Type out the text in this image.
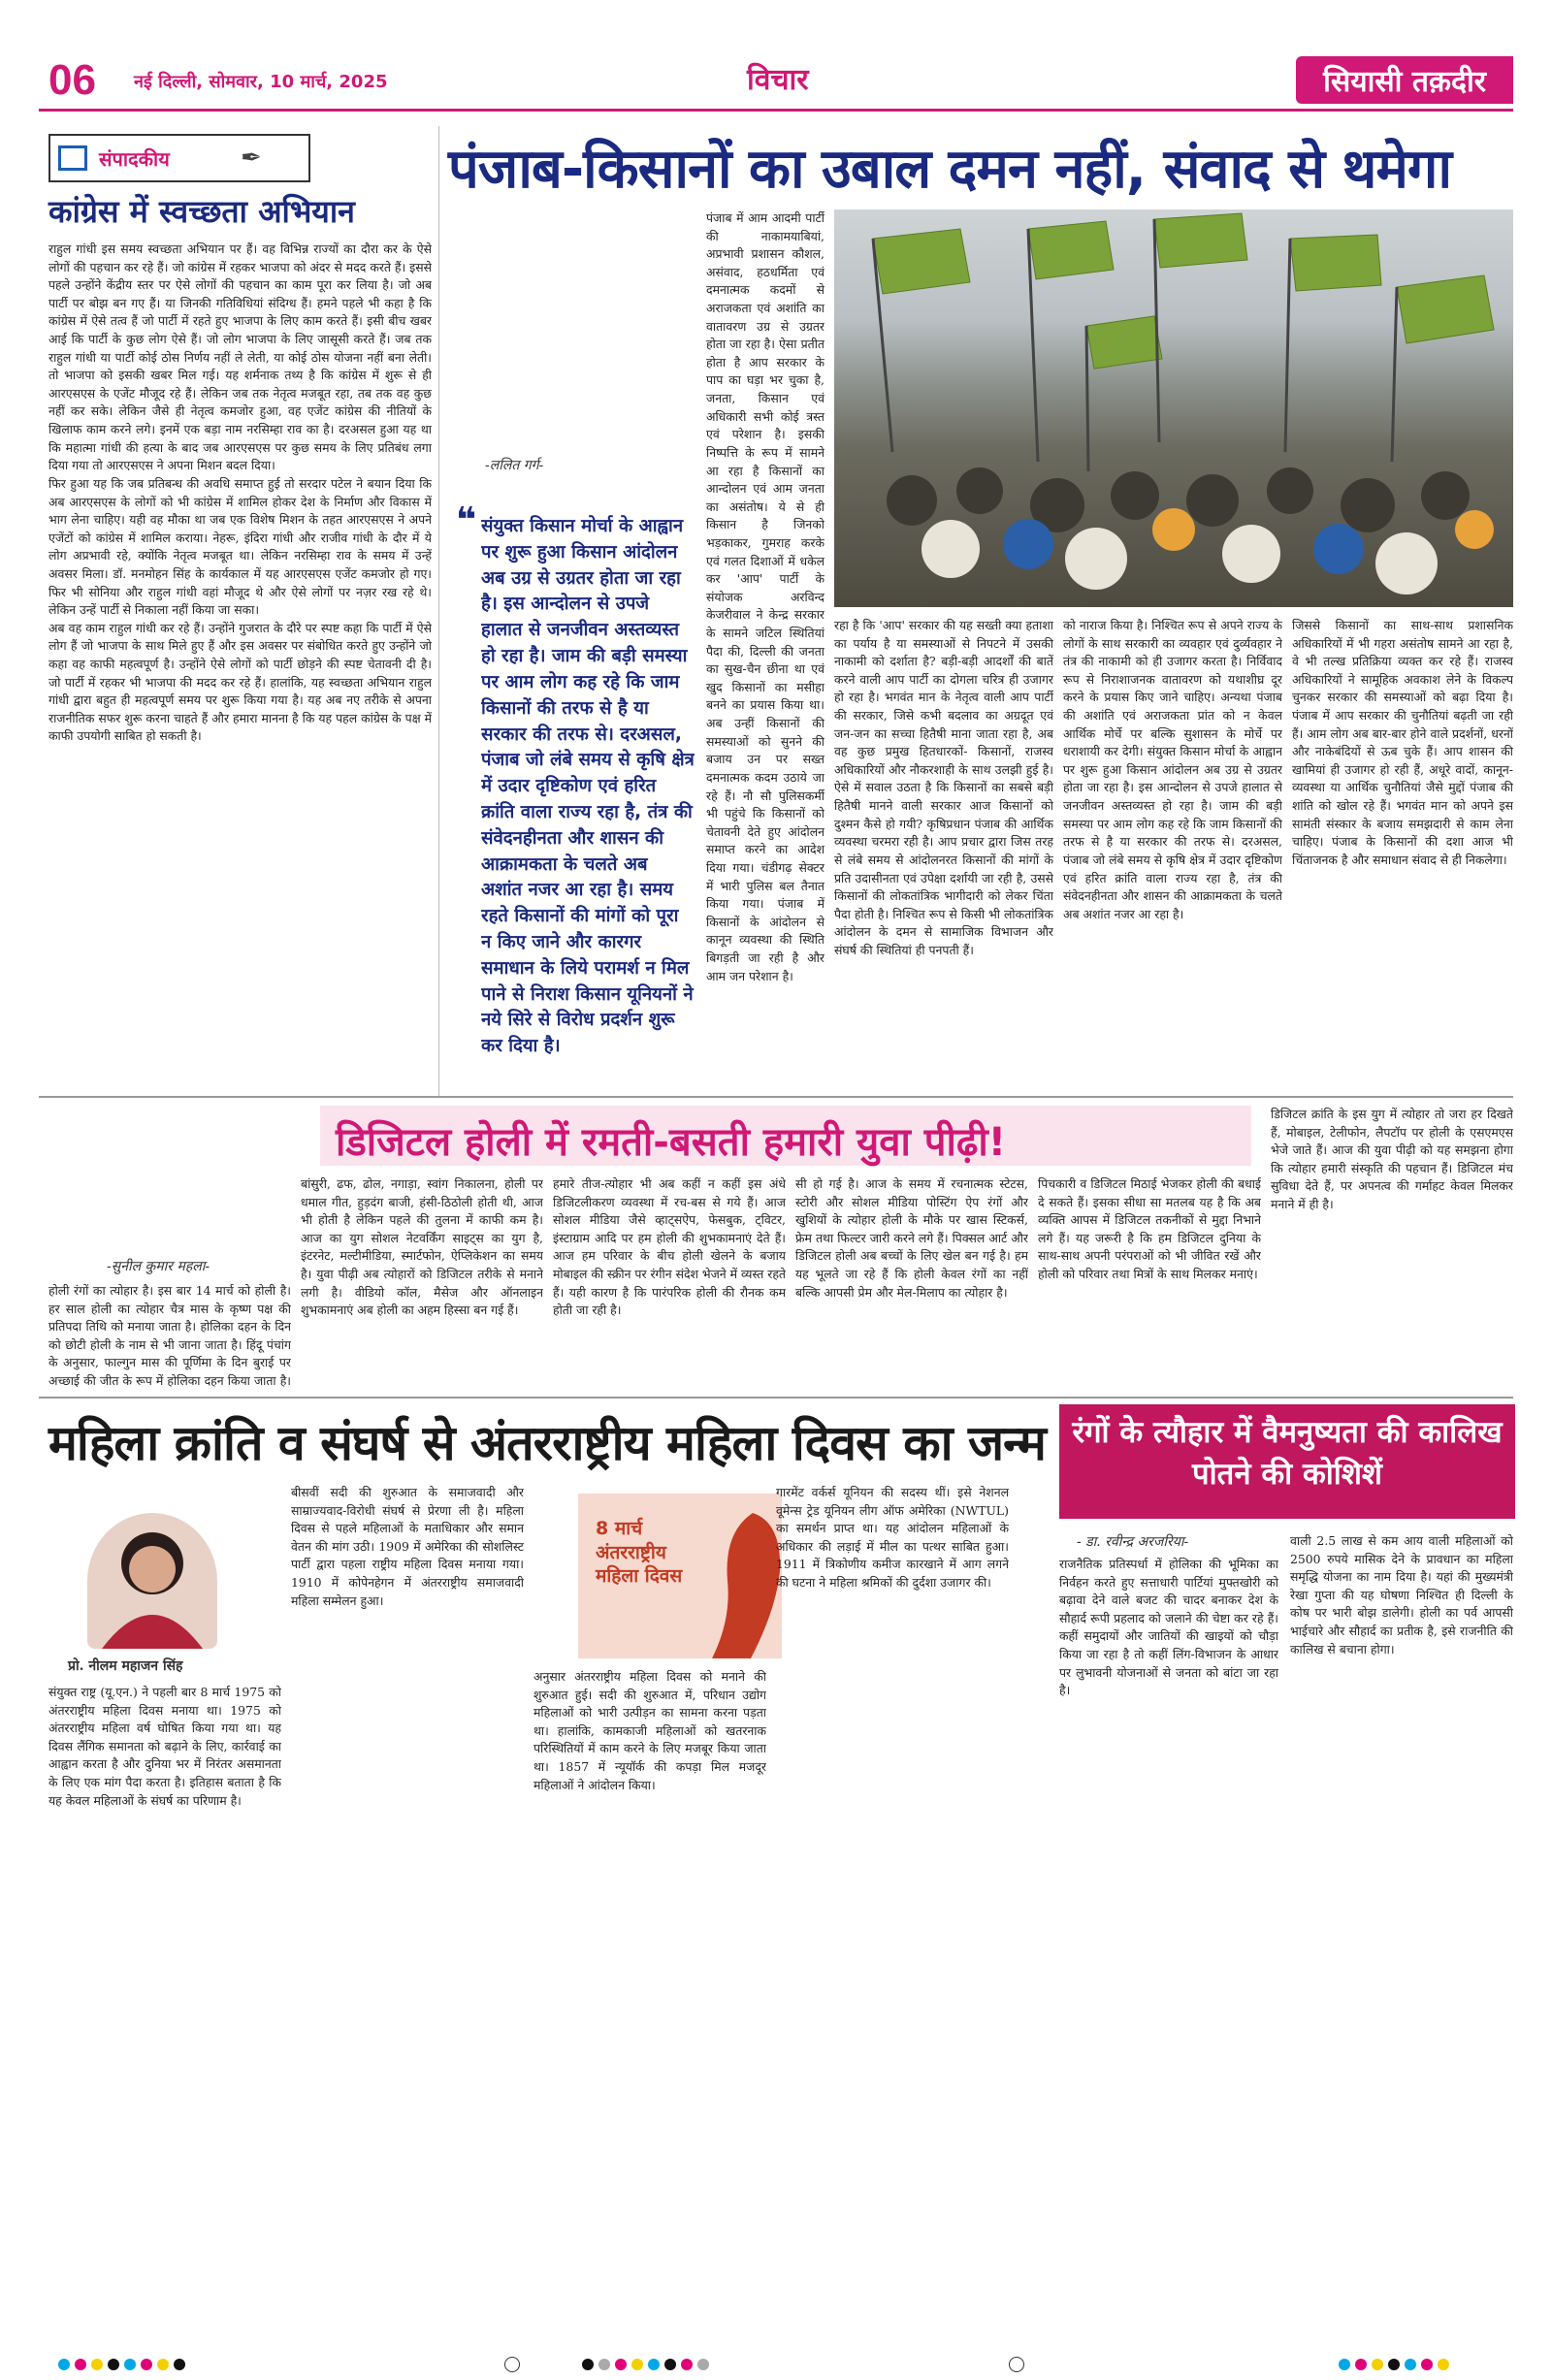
06 नई दिल्ली, सोमवार, 10 मार्च, 2025	विचार	सियासी तक़दीर
संपादकीय	✒
कांग्रेस में स्वच्छता अभियान

राहुल गांधी इस समय स्वच्छता अभियान पर हैं। वह विभिन्न राज्यों का दौरा कर के ऐसे लोगों की पहचान कर रहे हैं। जो कांग्रेस में रहकर भाजपा को अंदर से मदद करते हैं। इससे पहले उन्होंने केंद्रीय स्तर पर ऐसे लोगों की पहचान का काम पूरा कर लिया है। जो अब पार्टी पर बोझ बन गए हैं। या जिनकी गतिविधियां संदिग्ध हैं। हमने पहले भी कहा है कि कांग्रेस में ऐसे तत्व हैं जो पार्टी में रहते हुए भाजपा के लिए काम करते हैं। इसी बीच खबर आई कि पार्टी के कुछ लोग ऐसे हैं। जो लोग भाजपा के लिए जासूसी करते हैं। जब तक राहुल गांधी या पार्टी कोई ठोस निर्णय नहीं ले लेती, या कोई ठोस योजना नहीं बना लेती। तो भाजपा को इसकी खबर मिल गई। यह शर्मनाक तथ्य है कि कांग्रेस में शुरू से ही आरएसएस के एजेंट मौजूद रहे हैं। लेकिन जब तक नेतृत्व मजबूत रहा, तब तक वह कुछ नहीं कर सके। लेकिन जैसे ही नेतृत्व कमजोर हुआ, वह एजेंट कांग्रेस की नीतियों के खिलाफ काम करने लगे। इनमें एक बड़ा नाम नरसिम्हा राव का है। दरअसल हुआ यह था कि महात्मा गांधी की हत्या के बाद जब आरएसएस पर कुछ समय के लिए प्रतिबंध लगा दिया गया तो आरएसएस ने अपना मिशन बदल दिया।

फिर हुआ यह कि जब प्रतिबन्ध की अवधि समाप्त हुई तो सरदार पटेल ने बयान दिया कि अब आरएसएस के लोगों को भी कांग्रेस में शामिल होकर देश के निर्माण और विकास में भाग लेना चाहिए। यही वह मौका था जब एक विशेष मिशन के तहत आरएसएस ने अपने एजेंटों को कांग्रेस में शामिल कराया। नेहरू, इंदिरा गांधी और राजीव गांधी के दौर में ये लोग अप्रभावी रहे, क्योंकि नेतृत्व मजबूत था। लेकिन नरसिम्हा राव के समय में उन्हें अवसर मिला। डॉ. मनमोहन सिंह के कार्यकाल में यह आरएसएस एजेंट कमजोर हो गए। फिर भी सोनिया और राहुल गांधी वहां मौजूद थे और ऐसे लोगों पर नज़र रख रहे थे। लेकिन उन्हें पार्टी से निकाला नहीं किया जा सका।

अब वह काम राहुल गांधी कर रहे हैं। उन्होंने गुजरात के दौरे पर स्पष्ट कहा कि पार्टी में ऐसे लोग हैं जो भाजपा के साथ मिले हुए हैं और इस अवसर पर संबोधित करते हुए उन्होंने जो कहा वह काफी महत्वपूर्ण है। उन्होंने ऐसे लोगों को पार्टी छोड़ने की स्पष्ट चेतावनी दी है। जो पार्टी में रहकर भी भाजपा की मदद कर रहे हैं। हालांकि, यह स्वच्छता अभियान राहुल गांधी द्वारा बहुत ही महत्वपूर्ण समय पर शुरू किया गया है। यह अब नए तरीके से अपना राजनीतिक सफर शुरू करना चाहते हैं और हमारा मानना है कि यह पहल कांग्रेस के पक्ष में काफी उपयोगी साबित हो सकती है।

पंजाब-किसानों का उबाल दमन नहीं, संवाद से थमेगा
-ललित गर्ग-
❝ संयुक्त किसान मोर्चा के आह्वान पर शुरू हुआ किसान आंदोलन अब उग्र से उग्रतर होता जा रहा है। इस आन्दोलन से उपजे हालात से जनजीवन अस्तव्यस्त हो रहा है। जाम की बड़ी समस्या पर आम लोग कह रहे कि जाम किसानों की तरफ से है या सरकार की तरफ से। दरअसल, पंजाब जो लंबे समय से कृषि क्षेत्र में उदार दृष्टिकोण एवं हरित क्रांति वाला राज्य रहा है, तंत्र की संवेदनहीनता और शासन की आक्रामकता के चलते अब अशांत नजर आ रहा है। समय रहते किसानों की मांगों को पूरा न किए जाने और कारगर समाधान के लिये परामर्श न मिल पाने से निराश किसान यूनियनों ने नये सिरे से विरोध प्रदर्शन शुरू कर दिया है।
पंजाब में आम आदमी पार्टी की नाकामयाबियां, अप्रभावी प्रशासन कौशल, असंवाद, हठधर्मिता एवं दमनात्मक कदमों से अराजकता एवं अशांति का वातावरण उग्र से उग्रतर होता जा रहा है। ऐसा प्रतीत होता है आप सरकार के पाप का घड़ा भर चुका है, जनता, किसान एवं अधिकारी सभी कोई त्रस्त एवं परेशान है। इसकी निष्पत्ति के रूप में सामने आ रहा है किसानों का आन्दोलन एवं आम जनता का असंतोष। ये से ही किसान है जिनको भड़काकर, गुमराह करके एवं गलत दिशाओं में धकेल कर 'आप' पार्टी के संयोजक अरविन्द केजरीवाल ने केन्द्र सरकार के सामने जटिल स्थितियां पैदा की, दिल्ली की जनता का सुख-चैन छीना था एवं खुद किसानों का मसीहा बनने का प्रयास किया था। अब उन्हीं किसानों की समस्याओं को सुनने की बजाय उन पर सख्त दमनात्मक कदम उठाये जा रहे हैं। नौ सौ पुलिसकर्मी भी पहुंचे कि किसानों को चेतावनी देते हुए आंदोलन समाप्त करने का आदेश दिया गया। चंडीगढ़ सेक्टर में भारी पुलिस बल तैनात किया गया। पंजाब में किसानों के आंदोलन से कानून व्यवस्था की स्थिति बिगड़ती जा रही है और आम जन परेशान है।
रहा है कि 'आप' सरकार की यह सख्ती क्या हताशा का पर्याय है या समस्याओं से निपटने में उसकी नाकामी को दर्शाता है? बड़ी-बड़ी आदर्शों की बातें करने वाली आप पार्टी का दोगला चरित्र ही उजागर हो रहा है। भगवंत मान के नेतृत्व वाली आप पार्टी की सरकार, जिसे कभी बदलाव का अग्रदूत एवं जन-जन का सच्चा हितैषी माना जाता रहा है, अब वह कुछ प्रमुख हितधारकों- किसानों, राजस्व अधिकारियों और नौकरशाही के साथ उलझी हुई है। ऐसे में सवाल उठता है कि किसानों का सबसे बड़ी हितैषी मानने वाली सरकार आज किसानों को दुश्मन कैसे हो गयी? कृषिप्रधान पंजाब की आर्थिक व्यवस्था चरमरा रही है। आप प्रचार द्वारा जिस तरह से लंबे समय से आंदोलनरत किसानों की मांगों के प्रति उदासीनता एवं उपेक्षा दर्शायी जा रही है, उससे किसानों की लोकतांत्रिक भागीदारी को लेकर चिंता पैदा होती है। निश्चित रूप से किसी भी लोकतांत्रिक आंदोलन के दमन से सामाजिक विभाजन और संघर्ष की स्थितियां ही पनपती हैं।
को नाराज किया है। निश्चित रूप से अपने राज्य के लोगों के साथ सरकारी का व्यवहार एवं दुर्व्यवहार ने तंत्र की नाकामी को ही उजागर करता है। निर्विवाद रूप से निराशाजनक वातावरण को यथाशीघ्र दूर करने के प्रयास किए जाने चाहिए। अन्यथा पंजाब की अशांति एवं अराजकता प्रांत को न केवल आर्थिक मोर्चे पर बल्कि सुशासन के मोर्चे पर धराशायी कर देगी। संयुक्त किसान मोर्चा के आह्वान पर शुरू हुआ किसान आंदोलन अब उग्र से उग्रतर होता जा रहा है। इस आन्दोलन से उपजे हालात से जनजीवन अस्तव्यस्त हो रहा है। जाम की बड़ी समस्या पर आम लोग कह रहे कि जाम किसानों की तरफ से है या सरकार की तरफ से। दरअसल, पंजाब जो लंबे समय से कृषि क्षेत्र में उदार दृष्टिकोण एवं हरित क्रांति वाला राज्य रहा है, तंत्र की संवेदनहीनता और शासन की आक्रामकता के चलते अब अशांत नजर आ रहा है।
जिससे किसानों का साथ-साथ प्रशासनिक अधिकारियों में भी गहरा असंतोष सामने आ रहा है, वे भी तल्ख प्रतिक्रिया व्यक्त कर रहे हैं। राजस्व अधिकारियों ने सामूहिक अवकाश लेने के विकल्प चुनकर सरकार की समस्याओं को बढ़ा दिया है। पंजाब में आप सरकार की चुनौतियां बढ़ती जा रही हैं। आम लोग अब बार-बार होने वाले प्रदर्शनों, धरनों और नाकेबंदियों से ऊब चुके हैं। आप शासन की खामियां ही उजागर हो रही हैं, अधूरे वादों, कानून-व्यवस्था या आर्थिक चुनौतियां जैसे मुद्दों पंजाब की शांति को खोल रहे हैं। भगवंत मान को अपने इस सामंती संस्कार के बजाय समझदारी से काम लेना चाहिए। पंजाब के किसानों की दशा आज भी चिंताजनक है और समाधान संवाद से ही निकलेगा।
डिजिटल होली में रमती-बसती हमारी युवा पीढ़ी!
-सुनील कुमार महला-
होली रंगों का त्योहार है। इस बार 14 मार्च को होली है। हर साल होली का त्योहार चैत्र मास के कृष्ण पक्ष की प्रतिपदा तिथि को मनाया जाता है। होलिका दहन के दिन को छोटी होली के नाम से भी जाना जाता है। हिंदू पंचांग के अनुसार, फाल्गुन मास की पूर्णिमा के दिन बुराई पर अच्छाई की जीत के रूप में होलिका दहन किया जाता है।
बांसुरी, ढफ, ढोल, नगाड़ा, स्वांग निकालना, होली पर धमाल गीत, हुड़दंग बाजी, हंसी-ठिठोली होती थी, आज भी होती है लेकिन पहले की तुलना में काफी कम है। आज का युग सोशल नेटवर्किंग साइट्स का युग है, इंटरनेट, मल्टीमीडिया, स्मार्टफोन, ऐप्लिकेशन का समय है। युवा पीढ़ी अब त्योहारों को डिजिटल तरीके से मनाने लगी है। वीडियो कॉल, मैसेज और ऑनलाइन शुभकामनाएं अब होली का अहम हिस्सा बन गई हैं।
हमारे तीज-त्योहार भी अब कहीं न कहीं इस अंधे डिजिटलीकरण व्यवस्था में रच-बस से गये हैं। आज सोशल मीडिया जैसे व्हाट्सऐप, फेसबुक, ट्विटर, इंस्टाग्राम आदि पर हम होली की शुभकामनाएं देते हैं। आज हम परिवार के बीच होली खेलने के बजाय मोबाइल की स्क्रीन पर रंगीन संदेश भेजने में व्यस्त रहते हैं। यही कारण है कि पारंपरिक होली की रौनक कम होती जा रही है।
सी हो गई है। आज के समय में रचनात्मक स्टेटस, स्टोरी और सोशल मीडिया पोस्टिंग ऐप रंगों और खुशियों के त्योहार होली के मौके पर खास स्टिकर्स, फ्रेम तथा फिल्टर जारी करने लगे हैं। पिक्सल आर्ट और डिजिटल होली अब बच्चों के लिए खेल बन गई है। हम यह भूलते जा रहे हैं कि होली केवल रंगों का नहीं बल्कि आपसी प्रेम और मेल-मिलाप का त्योहार है।
पिचकारी व डिजिटल मिठाई भेजकर होली की बधाई दे सकते हैं। इसका सीधा सा मतलब यह है कि अब व्यक्ति आपस में डिजिटल तकनीकों से मुद्दा निभाने लगे हैं। यह जरूरी है कि हम डिजिटल दुनिया के साथ-साथ अपनी परंपराओं को भी जीवित रखें और होली को परिवार तथा मित्रों के साथ मिलकर मनाएं।
डिजिटल क्रांति के इस युग में त्योहार तो जरा हर दिखते हैं, मोबाइल, टेलीफोन, लैपटॉप पर होली के एसएमएस भेजे जाते हैं। आज की युवा पीढ़ी को यह समझना होगा कि त्योहार हमारी संस्कृति की पहचान हैं। डिजिटल मंच सुविधा देते हैं, पर अपनत्व की गर्माहट केवल मिलकर मनाने में ही है।
महिला क्रांति व संघर्ष से अंतरराष्ट्रीय महिला दिवस का जन्म
प्रो. नीलम महाजन सिंह
संयुक्त राष्ट्र (यू.एन.) ने पहली बार 8 मार्च 1975 को अंतरराष्ट्रीय महिला दिवस मनाया था। 1975 को अंतरराष्ट्रीय महिला वर्ष घोषित किया गया था। यह दिवस लैंगिक समानता को बढ़ाने के लिए, कार्रवाई का आह्वान करता है और दुनिया भर में निरंतर असमानता के लिए एक मांग पैदा करता है। इतिहास बताता है कि यह केवल महिलाओं के संघर्ष का परिणाम है।
बीसवीं सदी की शुरुआत के समाजवादी और साम्राज्यवाद-विरोधी संघर्ष से प्रेरणा ली है। महिला दिवस से पहले महिलाओं के मताधिकार और समान वेतन की मांग उठी। 1909 में अमेरिका की सोशलिस्ट पार्टी द्वारा पहला राष्ट्रीय महिला दिवस मनाया गया। 1910 में कोपेनहेगन में अंतरराष्ट्रीय समाजवादी महिला सम्मेलन हुआ।
8 मार्च
अंतरराष्ट्रीय
महिला दिवस
अनुसार अंतरराष्ट्रीय महिला दिवस को मनाने की शुरुआत हुई। सदी की शुरुआत में, परिधान उद्योग महिलाओं को भारी उत्पीड़न का सामना करना पड़ता था। हालांकि, कामकाजी महिलाओं को खतरनाक परिस्थितियों में काम करने के लिए मजबूर किया जाता था। 1857 में न्यूयॉर्क की कपड़ा मिल मजदूर महिलाओं ने आंदोलन किया।
गारमेंट वर्कर्स यूनियन की सदस्य थीं। इसे नेशनल वूमेन्स ट्रेड यूनियन लीग ऑफ अमेरिका (NWTUL) का समर्थन प्राप्त था। यह आंदोलन महिलाओं के अधिकार की लड़ाई में मील का पत्थर साबित हुआ। 1911 में त्रिकोणीय कमीज कारखाने में आग लगने की घटना ने महिला श्रमिकों की दुर्दशा उजागर की।
रंगों के त्यौहार में वैमनुष्यता की कालिख पोतने की कोशिशें
- डा. रवीन्द्र अरजरिया-
राजनैतिक प्रतिस्पर्धा में होलिका की भूमिका का निर्वहन करते हुए सत्ताधारी पार्टियां मुफ्तखोरी को बढ़ावा देने वाले बजट की चादर बनाकर देश के सौहार्द रूपी प्रहलाद को जलाने की चेष्टा कर रहे हैं। कहीं समुदायों और जातियों की खाइयों को चौड़ा किया जा रहा है तो कहीं लिंग-विभाजन के आधार पर लुभावनी योजनाओं से जनता को बांटा जा रहा है।
वाली 2.5 लाख से कम आय वाली महिलाओं को 2500 रुपये मासिक देने के प्रावधान का महिला समृद्धि योजना का नाम दिया है। यहां की मुख्यमंत्री रेखा गुप्ता की यह घोषणा निश्चित ही दिल्ली के कोष पर भारी बोझ डालेगी। होली का पर्व आपसी भाईचारे और सौहार्द का प्रतीक है, इसे राजनीति की कालिख से बचाना होगा।
